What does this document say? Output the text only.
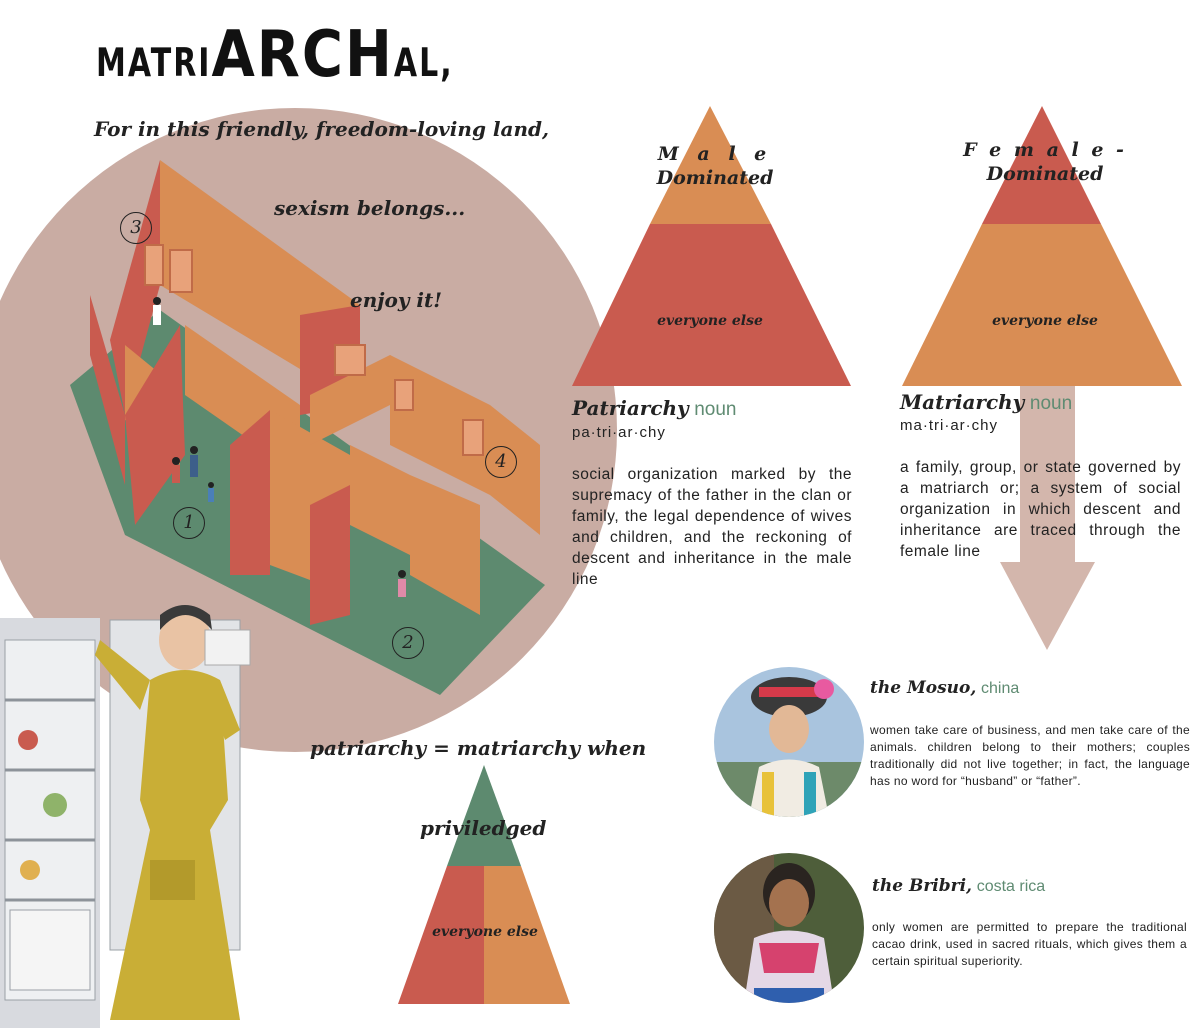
3
4
1
2
MATRIARCHAL,
For in this friendly, freedom-loving land,
sexism belongs...
enjoy it!
M a l e
Dominated
everyone else
F e m a l e -
Dominated
everyone else
Patriarchy noun
pa·tri·ar·chy
social organization marked by the supremacy of the father in the clan or family, the legal dependence of wives and children, and the reckoning of descent and inheritance in the male line
Matriarchy noun
ma·tri·ar·chy
a family, group, or state governed by a matriarch or; a system of social organization in which descent and inheritance are traced through the female line
patriarchy = matriarchy when
priviledged
everyone else
the Mosuo, china
women take care of business, and men take care of the animals. children belong to their mothers; couples traditionally did not live together; in fact, the language has no word for “husband” or “father”.
the Bribri, costa rica
only women are permitted to prepare the traditional cacao drink, used in sacred rituals, which gives them a certain spiritual superiority.
